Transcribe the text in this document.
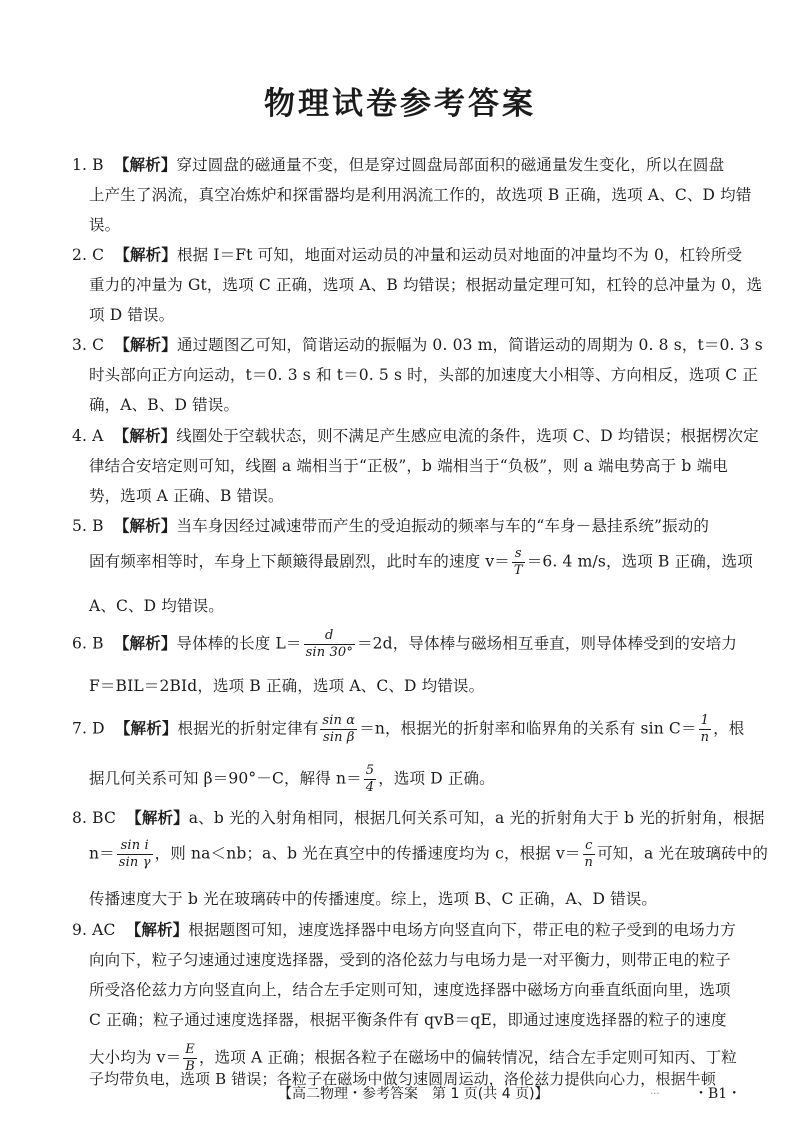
物理试卷参考答案
1. B 【解析】穿过圆盘的磁通量不变，但是穿过圆盘局部面积的磁通量发生变化，所以在圆盘
上产生了涡流，真空冶炼炉和探雷器均是利用涡流工作的，故选项 B 正确，选项 A、C、D 均错
误。
2. C 【解析】根据 I＝Ft 可知，地面对运动员的冲量和运动员对地面的冲量均不为 0，杠铃所受
重力的冲量为 Gt，选项 C 正确，选项 A、B 均错误；根据动量定理可知，杠铃的总冲量为 0，选
项 D 错误。
3. C 【解析】通过题图乙可知，简谐运动的振幅为 0. 03 m，简谐运动的周期为 0. 8 s，t＝0. 3 s
时头部向正方向运动，t＝0. 3 s 和 t＝0. 5 s 时，头部的加速度大小相等、方向相反，选项 C 正
确，A、B、D 错误。
4. A 【解析】线圈处于空载状态，则不满足产生感应电流的条件，选项 C、D 均错误；根据楞次定
律结合安培定则可知，线圈 a 端相当于“正极”，b 端相当于“负极”，则 a 端电势高于 b 端电
势，选项 A 正确、B 错误。
5. B 【解析】当车身因经过减速带而产生的受迫振动的频率与车的“车身－悬挂系统”振动的
固有频率相等时，车身上下颠簸得最剧烈，此时车的速度 $v= \frac{s}{T} =6$. 4 m/s，选项 B 正确，选项
A、C、D 均错误。
6. B 【解析】导体棒的长度 $L= \frac{d}{\sin 30^\circ} =2d$，导体棒与磁场相互垂直，则导体棒受到的安培力
F＝BIL＝2BId，选项 B 正确，选项 A、C、D 均错误。
7. D 【解析】根据光的折射定律有 $\frac{\text{sin α}}{\text{sin β}} =n$，根据光的折射率和临界角的关系有 $\sin C= \frac{1}{n}$ ，根
据几何关系可知 β＝90°－C，解得 $n= \frac{5}{4}$ ，选项 D 正确。
8. BC 【解析】a、b 光的入射角相同，根据几何关系可知，a 光的折射角大于 b 光的折射角，根据
$n= \frac{\text{sin i}}{\text{sin γ}}$ ，则 na＜nb；a、b 光在真空中的传播速度均为 c，根据 $v= \frac{c}{n}$ 可知，a 光在玻璃砖中的
传播速度大于 b 光在玻璃砖中的传播速度。综上，选项 B、C 正确，A、D 错误。
9. AC 【解析】根据题图可知，速度选择器中电场方向竖直向下，带正电的粒子受到的电场力方
向向下，粒子匀速通过速度选择器，受到的洛伦兹力与电场力是一对平衡力，则带正电的粒子
所受洛伦兹力方向竖直向上，结合左手定则可知，速度选择器中磁场方向垂直纸面向里，选项
C 正确；粒子通过速度选择器，根据平衡条件有 qvB＝qE，即通过速度选择器的粒子的速度
大小均为 $v= \frac{E}{B}$ ，选项 A 正确；根据各粒子在磁场中的偏转情况，结合左手定则可知丙、丁粒
子均带负电，选项 B 错误；各粒子在磁场中做匀速圆周运动，洛伦兹力提供向心力，根据牛顿
【高二物理・参考答案　第 1 页(共 4 页)】	... ・B1・
